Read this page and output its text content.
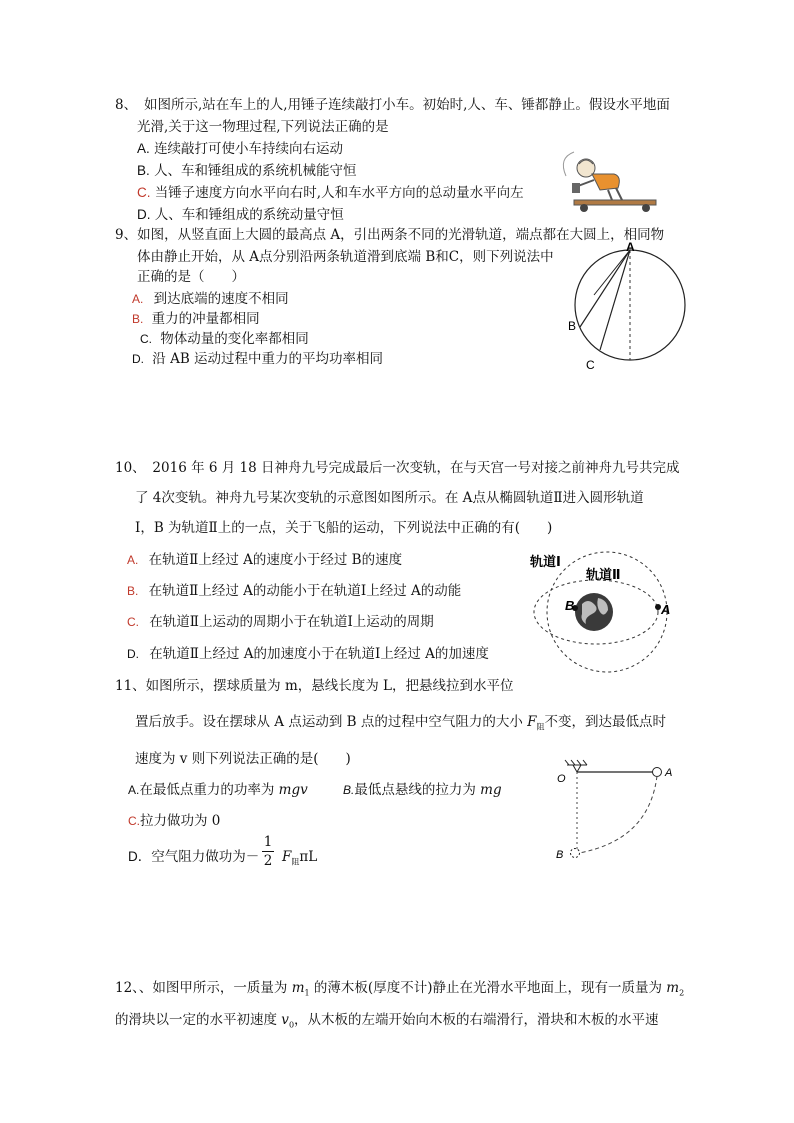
8、 如图所示,站在车上的人,用锤子连续敲打小车。初始时,人、车、锤都静止。假设水平地面
光滑,关于这一物理过程,下列说法正确的是
A. 连续敲打可使小车持续向右运动
B. 人、车和锤组成的系统机械能守恒
C. 当锤子速度方向水平向右时,人和车水平方向的总动量水平向左
D. 人、车和锤组成的系统动量守恒
9、如图，从竖直面上大圆的最高点 A，引出两条不同的光滑轨道，端点都在大圆上，相同物
体由静止开始，从 A点分别沿两条轨道滑到底端 B和C，则下列说法中
正确的是（　　）
A. 到达底端的速度不相同
B. 重力的冲量都相同
C. 物体动量的变化率都相同
D. 沿 AB 运动过程中重力的平均功率相同
A
B
C
10、　2016 年 6 月 18 日神舟九号完成最后一次变轨，在与天宫一号对接之前神舟九号共完成
了 4次变轨。神舟九号某次变轨的示意图如图所示。在 A点从椭圆轨道Ⅱ进入圆形轨道
Ⅰ，B 为轨道Ⅱ上的一点，关于飞船的运动，下列说法中正确的有(　　)
A. 在轨道Ⅱ上经过 A的速度小于经过 B的速度
B. 在轨道Ⅱ上经过 A的动能小于在轨道Ⅰ上经过 A的动能
C. 在轨道Ⅱ上运动的周期小于在轨道Ⅰ上运动的周期
D. 在轨道Ⅱ上经过 A的加速度小于在轨道Ⅰ上经过 A的加速度
轨道Ⅰ
轨道Ⅱ
B	A
11、如图所示，摆球质量为 m，悬线长度为 L，把悬线拉到水平位
置后放手。设在摆球从 A 点运动到 B 点的过程中空气阻力的大小 $F_阻$不变，到达最低点时
速度为 v 则下列说法正确的是(　　)
A.在最低点重力的功率为 mgv	B.最低点悬线的拉力为 mg
C.拉力做功为 0
D．空气阻力做功为－
1
2 $F_阻\pi L$
O	A
B
12、、如图甲所示，一质量为 $m_1$ 的薄木板(厚度不计)静止在光滑水平地面上，现有一质量为 $m_2$
的滑块以一定的水平初速度 $v_0$，从木板的左端开始向木板的右端滑行，滑块和木板的水平速
